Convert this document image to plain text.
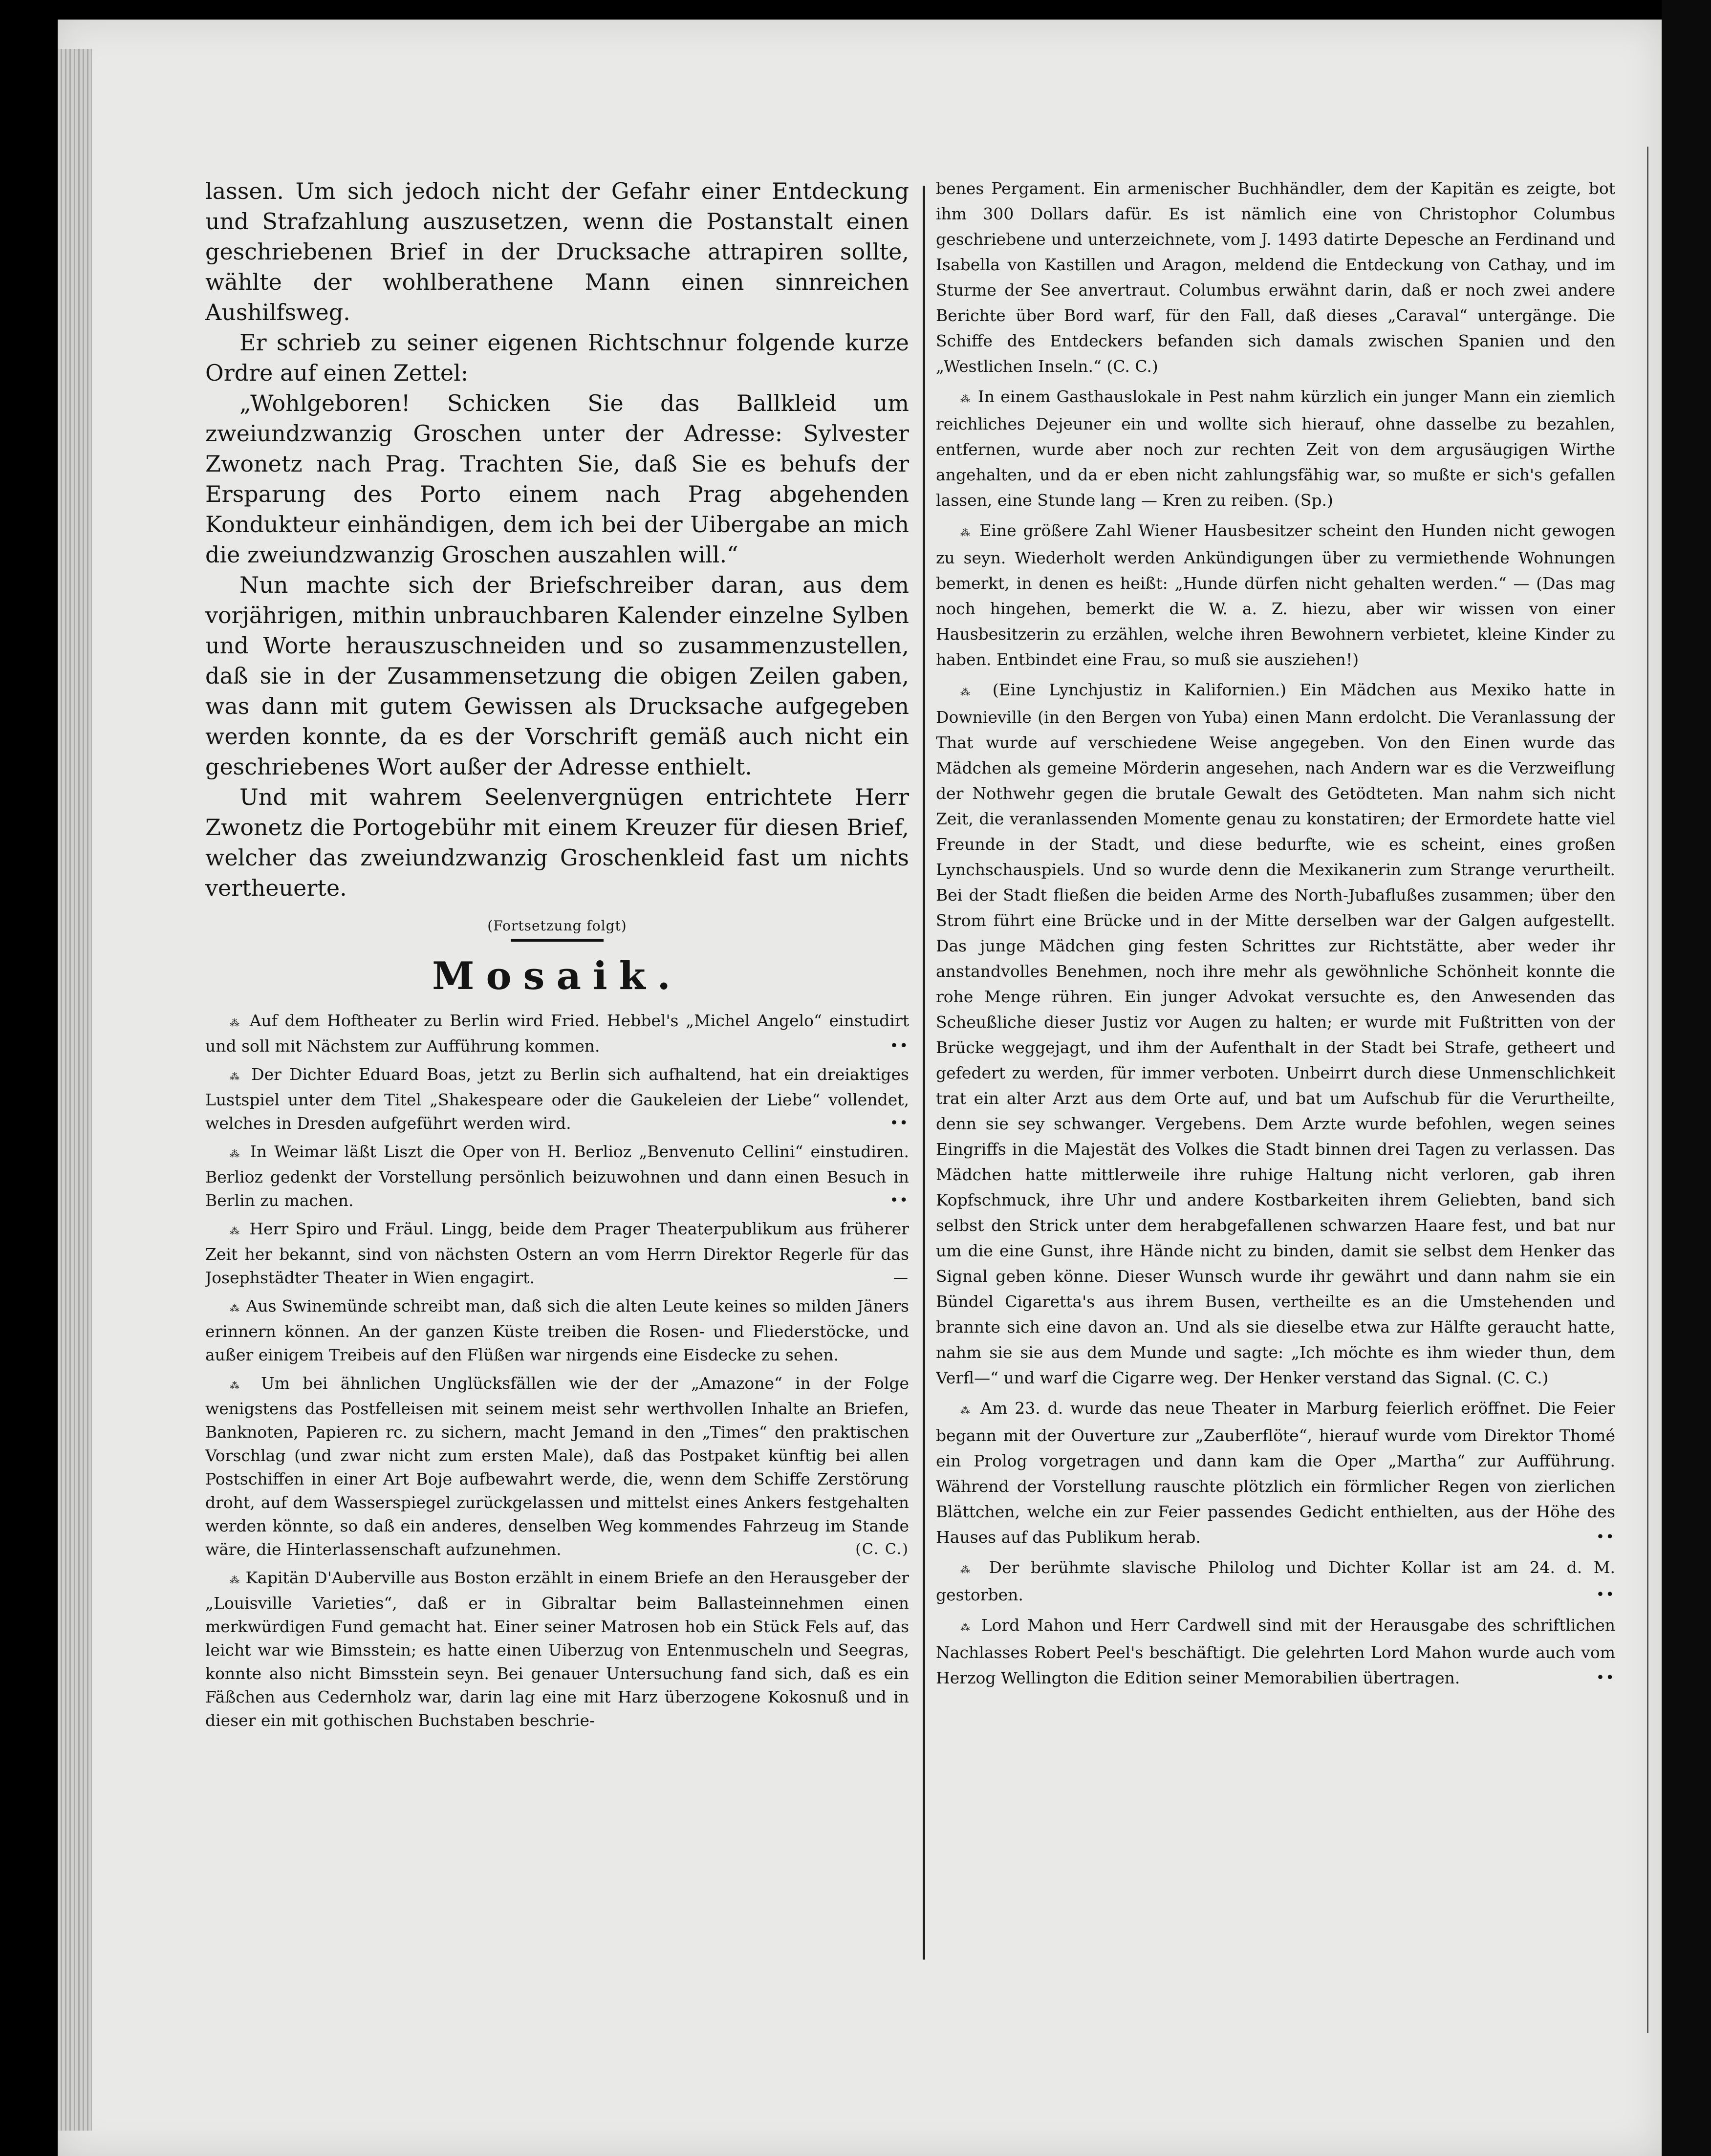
lassen. Um sich jedoch nicht der Gefahr einer Entdeckung und Strafzahlung auszusetzen, wenn die Postanstalt einen geschriebenen Brief in der Drucksache attrapiren sollte, wählte der wohlberathene Mann einen sinnreichen Aushilfsweg.

Er schrieb zu seiner eigenen Richtschnur folgende kurze Ordre auf einen Zettel:

„Wohlgeboren! Schicken Sie das Ballkleid um zweiundzwanzig Groschen unter der Adresse: Sylvester Zwonetz nach Prag. Trachten Sie, daß Sie es behufs der Ersparung des Porto einem nach Prag abgehenden Kondukteur einhändigen, dem ich bei der Uibergabe an mich die zweiundzwanzig Groschen auszahlen will.“

Nun machte sich der Briefschreiber daran, aus dem vorjährigen, mithin unbrauchbaren Kalender einzelne Sylben und Worte herauszuschneiden und so zusammenzustellen, daß sie in der Zusammensetzung die obigen Zeilen gaben, was dann mit gutem Gewissen als Drucksache aufgegeben werden konnte, da es der Vorschrift gemäß auch nicht ein geschriebenes Wort außer der Adresse enthielt.

Und mit wahrem Seelenvergnügen entrichtete Herr Zwonetz die Portogebühr mit einem Kreuzer für diesen Brief, welcher das zweiundzwanzig Groschenkleid fast um nichts vertheuerte.

(Fortsetzung folgt)
Mosaik.
⁂ Auf dem Hoftheater zu Berlin wird Fried. Hebbel's „Michel Angelo“ einstudirt und soll mit Nächstem zur Aufführung kommen.	••
⁂ Der Dichter Eduard Boas, jetzt zu Berlin sich aufhaltend, hat ein dreiaktiges Lustspiel unter dem Titel „Shakespeare oder die Gaukeleien der Liebe“ vollendet, welches in Dresden aufgeführt werden wird.	••
⁂ In Weimar läßt Liszt die Oper von H. Berlioz „Benvenuto Cellini“ einstudiren. Berlioz gedenkt der Vorstellung persönlich beizuwohnen und dann einen Besuch in Berlin zu machen.	••
⁂ Herr Spiro und Fräul. Lingg, beide dem Prager Theaterpublikum aus früherer Zeit her bekannt, sind von nächsten Ostern an vom Herrn Direktor Regerle für das Josephstädter Theater in Wien engagirt.	—
⁂ Aus Swinemünde schreibt man, daß sich die alten Leute keines so milden Jäners erinnern können. An der ganzen Küste treiben die Rosen- und Fliederstöcke, und außer einigem Treibeis auf den Flüßen war nirgends eine Eisdecke zu sehen.
⁂ Um bei ähnlichen Unglücksfällen wie der der „Amazone“ in der Folge wenigstens das Postfelleisen mit seinem meist sehr werthvollen Inhalte an Briefen, Banknoten, Papieren rc. zu sichern, macht Jemand in den „Times“ den praktischen Vorschlag (und zwar nicht zum ersten Male), daß das Postpaket künftig bei allen Postschiffen in einer Art Boje aufbewahrt werde, die, wenn dem Schiffe Zerstörung droht, auf dem Wasserspiegel zurückgelassen und mittelst eines Ankers festgehalten werden könnte, so daß ein anderes, denselben Weg kommendes Fahrzeug im Stande wäre, die Hinterlassenschaft aufzunehmen.	(C. C.)
⁂ Kapitän D'Auberville aus Boston erzählt in einem Briefe an den Herausgeber der „Louisville Varieties“, daß er in Gibraltar beim Ballasteinnehmen einen merkwürdigen Fund gemacht hat. Einer seiner Matrosen hob ein Stück Fels auf, das leicht war wie Bimsstein; es hatte einen Uiberzug von Entenmuscheln und Seegras, konnte also nicht Bimsstein seyn. Bei genauer Untersuchung fand sich, daß es ein Fäßchen aus Cedernholz war, darin lag eine mit Harz überzogene Kokosnuß und in dieser ein mit gothischen Buchstaben beschrie-
benes Pergament. Ein armenischer Buchhändler, dem der Kapitän es zeigte, bot ihm 300 Dollars dafür. Es ist nämlich eine von Christophor Columbus geschriebene und unterzeichnete, vom J. 1493 datirte Depesche an Ferdinand und Isabella von Kastillen und Aragon, meldend die Entdeckung von Cathay, und im Sturme der See anvertraut. Columbus erwähnt darin, daß er noch zwei andere Berichte über Bord warf, für den Fall, daß dieses „Caraval“ untergänge. Die Schiffe des Entdeckers befanden sich damals zwischen Spanien und den „Westlichen Inseln.“ (C. C.)
⁂ In einem Gasthauslokale in Pest nahm kürzlich ein junger Mann ein ziemlich reichliches Dejeuner ein und wollte sich hierauf, ohne dasselbe zu bezahlen, entfernen, wurde aber noch zur rechten Zeit von dem argusäugigen Wirthe angehalten, und da er eben nicht zahlungsfähig war, so mußte er sich's gefallen lassen, eine Stunde lang — Kren zu reiben. (Sp.)
⁂ Eine größere Zahl Wiener Hausbesitzer scheint den Hunden nicht gewogen zu seyn. Wiederholt werden Ankündigungen über zu vermiethende Wohnungen bemerkt, in denen es heißt: „Hunde dürfen nicht gehalten werden.“ — (Das mag noch hingehen, bemerkt die W. a. Z. hiezu, aber wir wissen von einer Hausbesitzerin zu erzählen, welche ihren Bewohnern verbietet, kleine Kinder zu haben. Entbindet eine Frau, so muß sie ausziehen!)
⁂ (Eine Lynchjustiz in Kalifornien.) Ein Mädchen aus Mexiko hatte in Downieville (in den Bergen von Yuba) einen Mann erdolcht. Die Veranlassung der That wurde auf verschiedene Weise angegeben. Von den Einen wurde das Mädchen als gemeine Mörderin angesehen, nach Andern war es die Verzweiflung der Nothwehr gegen die brutale Gewalt des Getödteten. Man nahm sich nicht Zeit, die veranlassenden Momente genau zu konstatiren; der Ermordete hatte viel Freunde in der Stadt, und diese bedurfte, wie es scheint, eines großen Lynchschauspiels. Und so wurde denn die Mexikanerin zum Strange verurtheilt. Bei der Stadt fließen die beiden Arme des North-Jubaflußes zusammen; über den Strom führt eine Brücke und in der Mitte derselben war der Galgen aufgestellt. Das junge Mädchen ging festen Schrittes zur Richtstätte, aber weder ihr anstandvolles Benehmen, noch ihre mehr als gewöhnliche Schönheit konnte die rohe Menge rühren. Ein junger Advokat versuchte es, den Anwesenden das Scheußliche dieser Justiz vor Augen zu halten; er wurde mit Fußtritten von der Brücke weggejagt, und ihm der Aufenthalt in der Stadt bei Strafe, getheert und gefedert zu werden, für immer verboten. Unbeirrt durch diese Unmenschlichkeit trat ein alter Arzt aus dem Orte auf, und bat um Aufschub für die Verurtheilte, denn sie sey schwanger. Vergebens. Dem Arzte wurde befohlen, wegen seines Eingriffs in die Majestät des Volkes die Stadt binnen drei Tagen zu verlassen. Das Mädchen hatte mittlerweile ihre ruhige Haltung nicht verloren, gab ihren Kopfschmuck, ihre Uhr und andere Kostbarkeiten ihrem Geliebten, band sich selbst den Strick unter dem herabgefallenen schwarzen Haare fest, und bat nur um die eine Gunst, ihre Hände nicht zu binden, damit sie selbst dem Henker das Signal geben könne. Dieser Wunsch wurde ihr gewährt und dann nahm sie ein Bündel Cigaretta's aus ihrem Busen, vertheilte es an die Umstehenden und brannte sich eine davon an. Und als sie dieselbe etwa zur Hälfte geraucht hatte, nahm sie sie aus dem Munde und sagte: „Ich möchte es ihm wieder thun, dem Verfl—“ und warf die Cigarre weg. Der Henker verstand das Signal. (C. C.)
⁂ Am 23. d. wurde das neue Theater in Marburg feierlich eröffnet. Die Feier begann mit der Ouverture zur „Zauberflöte“, hierauf wurde vom Direktor Thomé ein Prolog vorgetragen und dann kam die Oper „Martha“ zur Aufführung. Während der Vorstellung rauschte plötzlich ein förmlicher Regen von zierlichen Blättchen, welche ein zur Feier passendes Gedicht enthielten, aus der Höhe des Hauses auf das Publikum herab.	••
⁂ Der berühmte slavische Philolog und Dichter Kollar ist am 24. d. M. gestorben.	••
⁂ Lord Mahon und Herr Cardwell sind mit der Herausgabe des schriftlichen Nachlasses Robert Peel's beschäftigt. Die gelehrten Lord Mahon wurde auch vom Herzog Wellington die Edition seiner Memorabilien übertragen.	••
